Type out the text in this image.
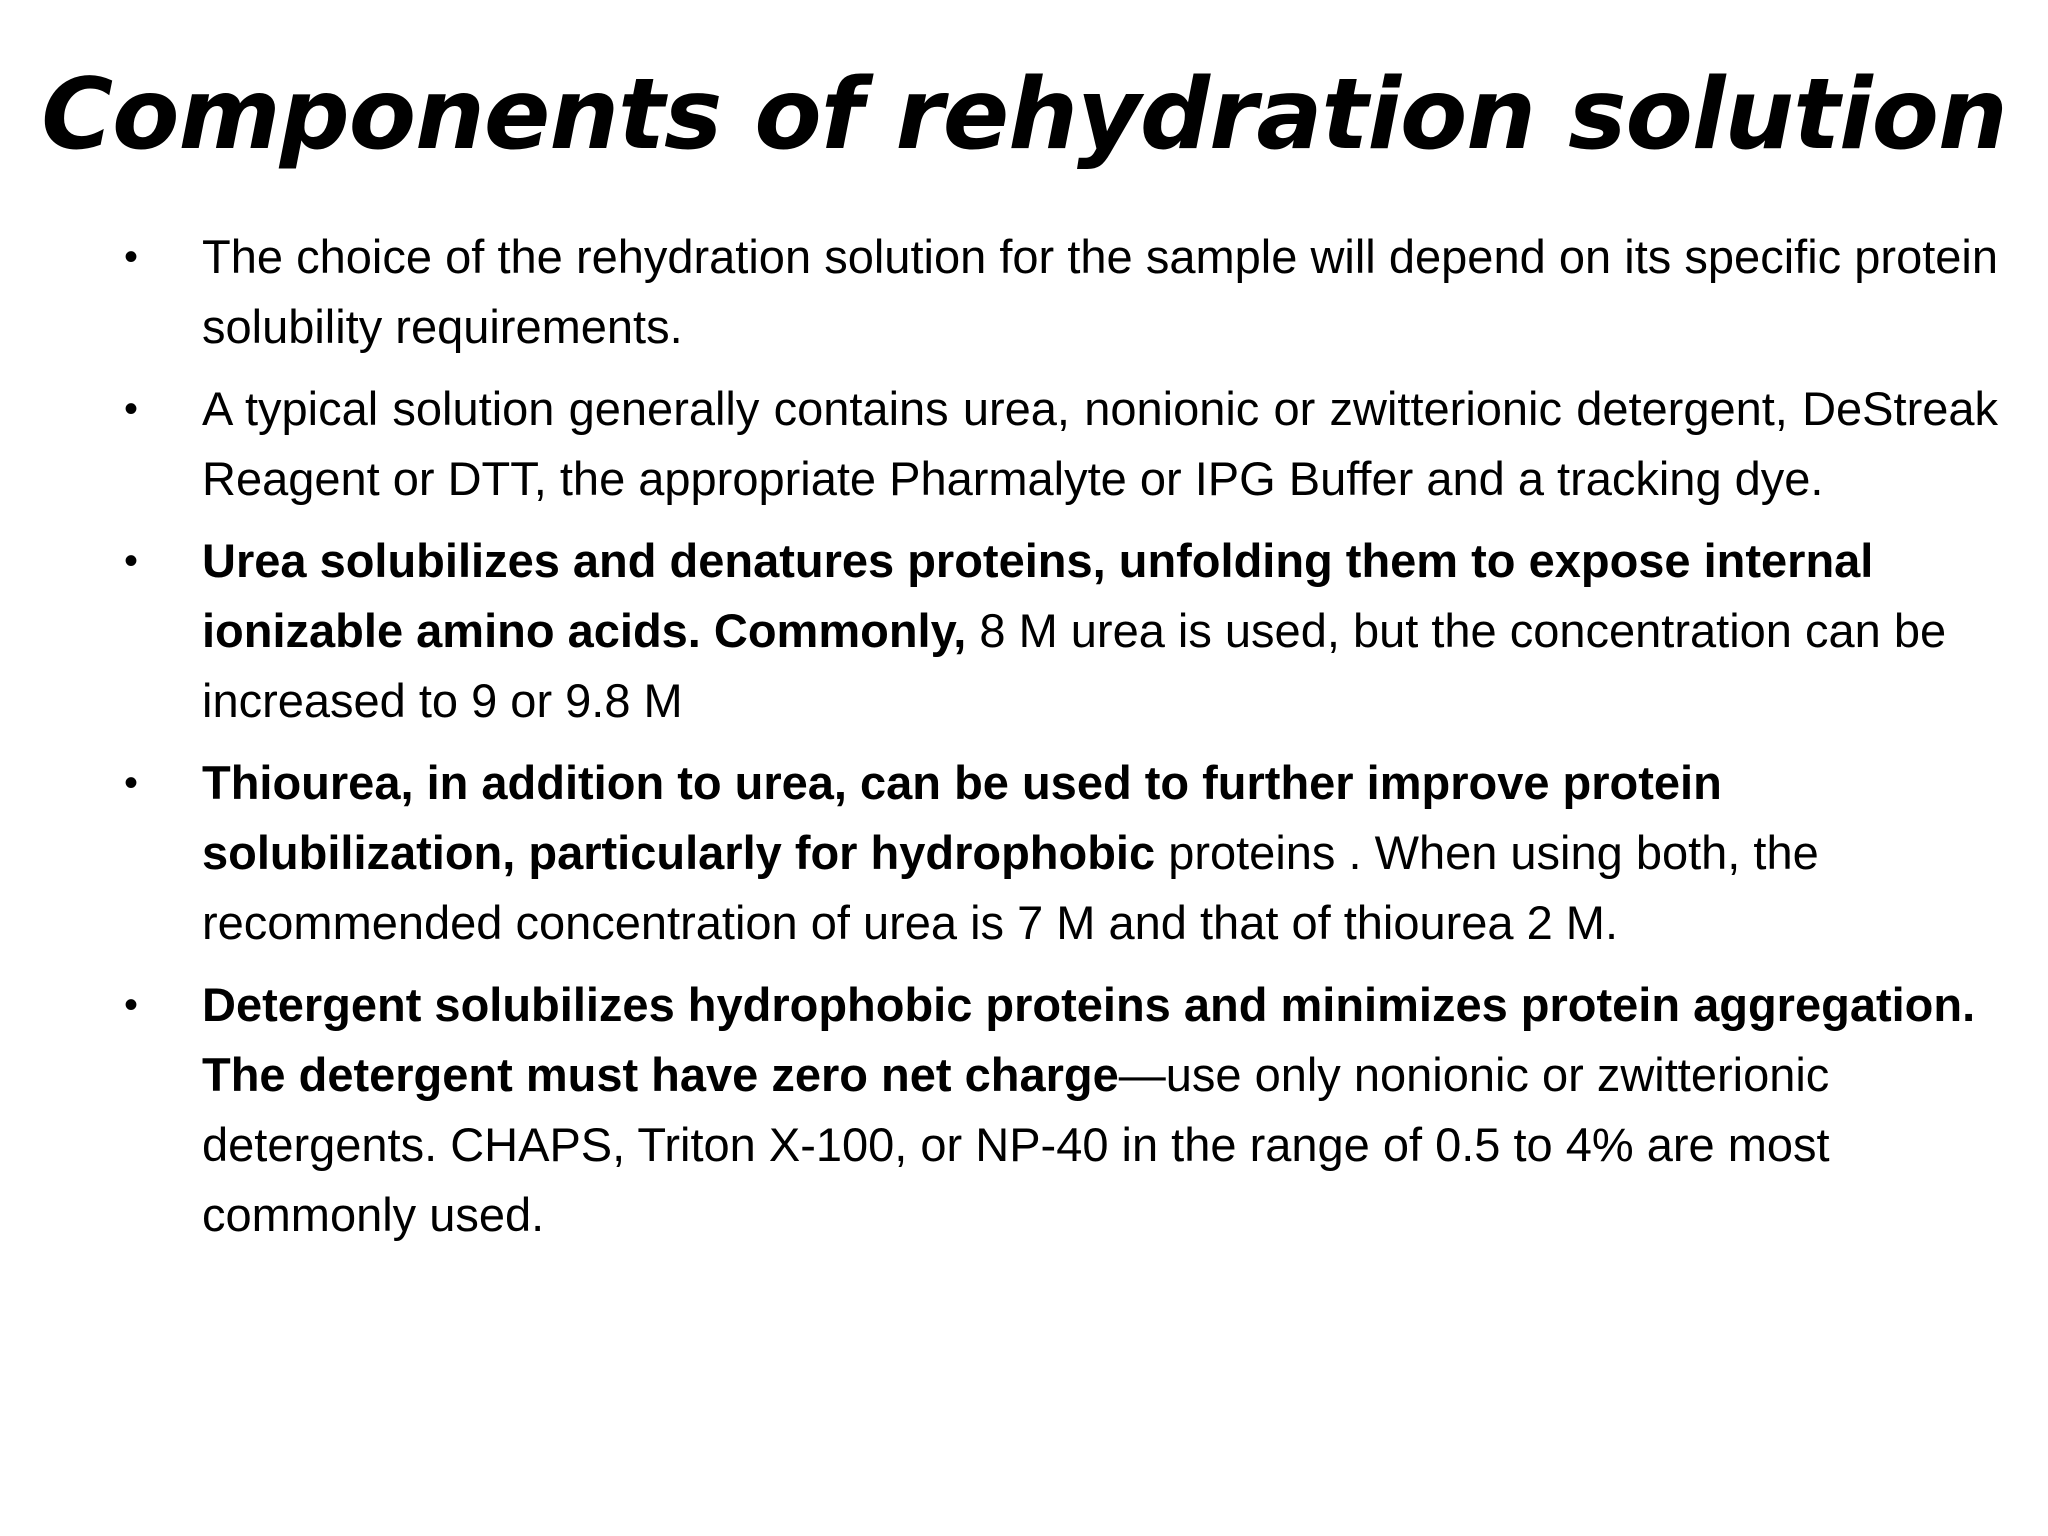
Components of rehydration solution
•	The choice of the rehydration solution for the sample will depend on its specific protein solubility requirements.
•	A typical solution generally contains urea, nonionic or zwitterionic detergent, DeStreak Reagent or DTT, the appropriate Pharmalyte or IPG Buffer and a tracking dye.
•	Urea solubilizes and denatures proteins, unfolding them to expose internal ionizable amino acids. Commonly, 8 M urea is used, but the concentration can be increased to 9 or 9.8 M
•	Thiourea, in addition to urea, can be used to further improve protein solubilization, particularly for hydrophobic proteins . When using both, the recommended concentration of urea is 7 M and that of thiourea 2 M.
•	Detergent solubilizes hydrophobic proteins and minimizes protein aggregation. The detergent must have zero net charge—use only nonionic or zwitterionic detergents. CHAPS, Triton X-100, or NP-40 in the range of 0.5 to 4% are most commonly used.
